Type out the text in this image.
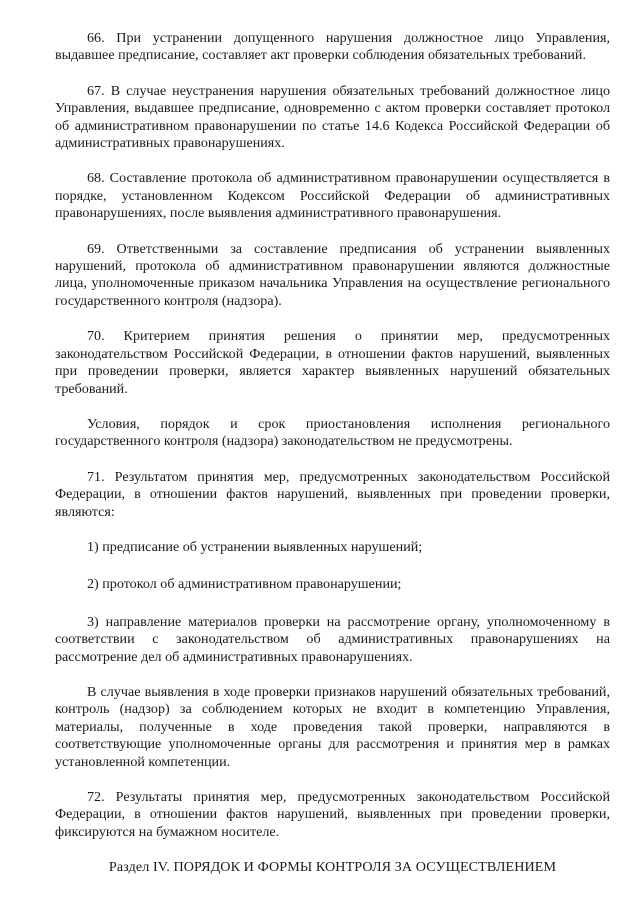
66. При устранении допущенного нарушения должностное лицо Управления, выдавшее предписание, составляет акт проверки соблюдения обязательных требований.

67. В случае неустранения нарушения обязательных требований должностное лицо Управления, выдавшее предписание, одновременно с актом проверки составляет протокол об административном правонарушении по статье 14.6 Кодекса Российской Федерации об административных правонарушениях.

68. Составление протокола об административном правонарушении осуществляется в порядке, установленном Кодексом Российской Федерации об административных правонарушениях, после выявления административного правонарушения.

69. Ответственными за составление предписания об устранении выявленных нарушений, протокола об административном правонарушении являются должностные лица, уполномоченные приказом начальника Управления на осуществление регионального государственного контроля (надзора).

70. Критерием принятия решения о принятии мер, предусмотренных законодательством Российской Федерации, в отношении фактов нарушений, выявленных при проведении проверки, является характер выявленных нарушений обязательных требований.

Условия, порядок и срок приостановления исполнения регионального государственного контроля (надзора) законодательством не предусмотрены.

71. Результатом принятия мер, предусмотренных законодательством Российской Федерации, в отношении фактов нарушений, выявленных при проведении проверки, являются:

1) предписание об устранении выявленных нарушений;

2) протокол об административном правонарушении;

3) направление материалов проверки на рассмотрение органу, уполномоченному в соответствии с законодательством об административных правонарушениях на рассмотрение дел об административных правонарушениях.

В случае выявления в ходе проверки признаков нарушений обязательных требований, контроль (надзор) за соблюдением которых не входит в компетенцию Управления, материалы, полученные в ходе проведения такой проверки, направляются в соответствующие уполномоченные органы для рассмотрения и принятия мер в рамках установленной компетенции.

72. Результаты принятия мер, предусмотренных законодательством Российской Федерации, в отношении фактов нарушений, выявленных при проведении проверки, фиксируются на бумажном носителе.

Раздел IV. ПОРЯДОК И ФОРМЫ КОНТРОЛЯ ЗА ОСУЩЕСТВЛЕНИЕМ
